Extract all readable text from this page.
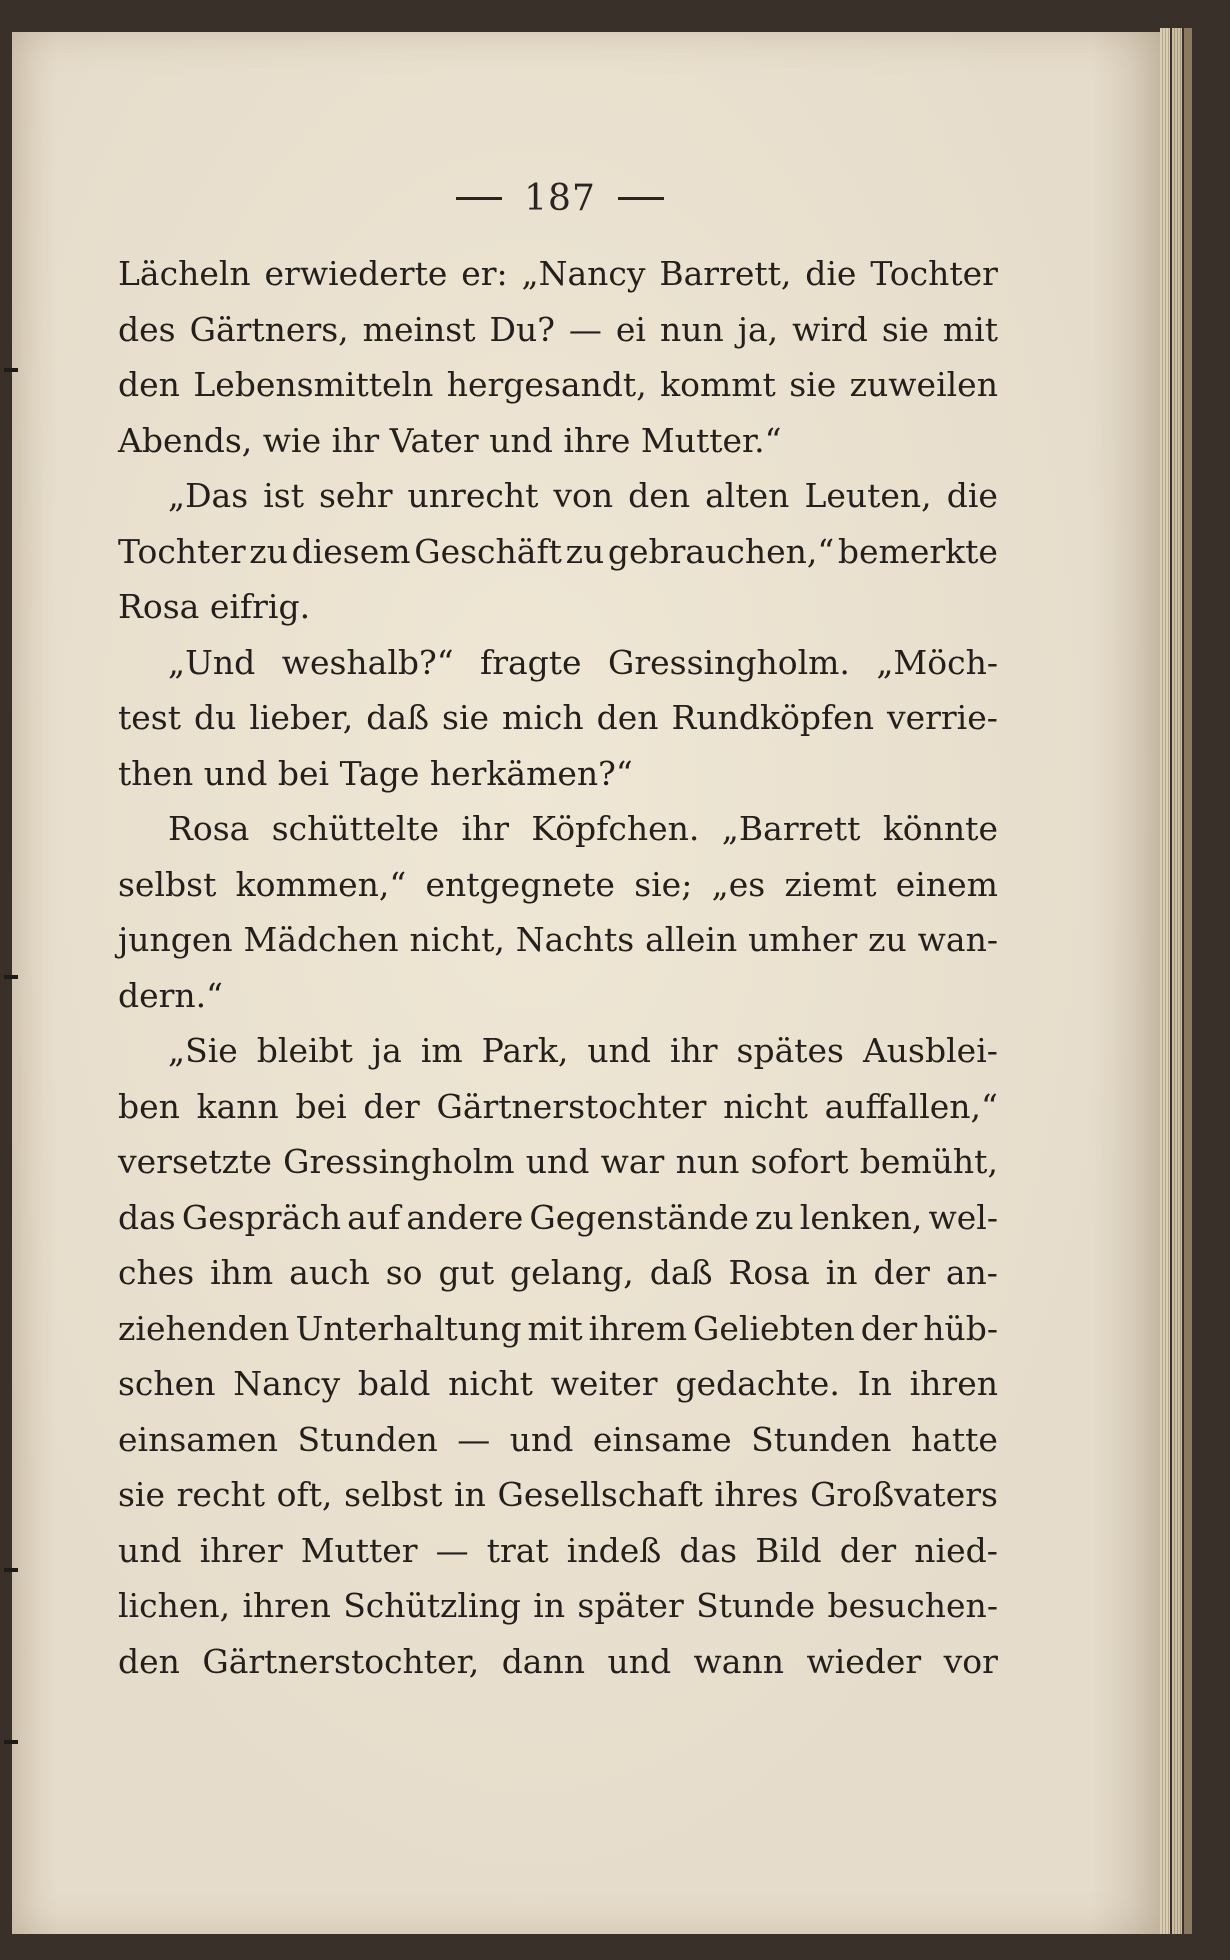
187
Lächeln erwiederte er: „Nancy Barrett, die Tochter
des Gärtners, meinst Du? — ei nun ja, wird sie mit
den Lebensmitteln hergesandt, kommt sie zuweilen
Abends, wie ihr Vater und ihre Mutter.“
„Das ist sehr unrecht von den alten Leuten, die
Tochter zu diesem Geschäft zu gebrauchen,“ bemerkte
Rosa eifrig.
„Und weshalb?“ fragte Gressingholm. „Möch-
test du lieber, daß sie mich den Rundköpfen verrie-
then und bei Tage herkämen?“
Rosa schüttelte ihr Köpfchen. „Barrett könnte
selbst kommen,“ entgegnete sie; „es ziemt einem
jungen Mädchen nicht, Nachts allein umher zu wan-
dern.“
„Sie bleibt ja im Park, und ihr spätes Ausblei-
ben kann bei der Gärtnerstochter nicht auffallen,“
versetzte Gressingholm und war nun sofort bemüht,
das Gespräch auf andere Gegenstände zu lenken, wel-
ches ihm auch so gut gelang, daß Rosa in der an-
ziehenden Unterhaltung mit ihrem Geliebten der hüb-
schen Nancy bald nicht weiter gedachte. In ihren
einsamen Stunden — und einsame Stunden hatte
sie recht oft, selbst in Gesellschaft ihres Großvaters
und ihrer Mutter — trat indeß das Bild der nied-
lichen, ihren Schützling in später Stunde besuchen-
den Gärtnerstochter, dann und wann wieder vor
